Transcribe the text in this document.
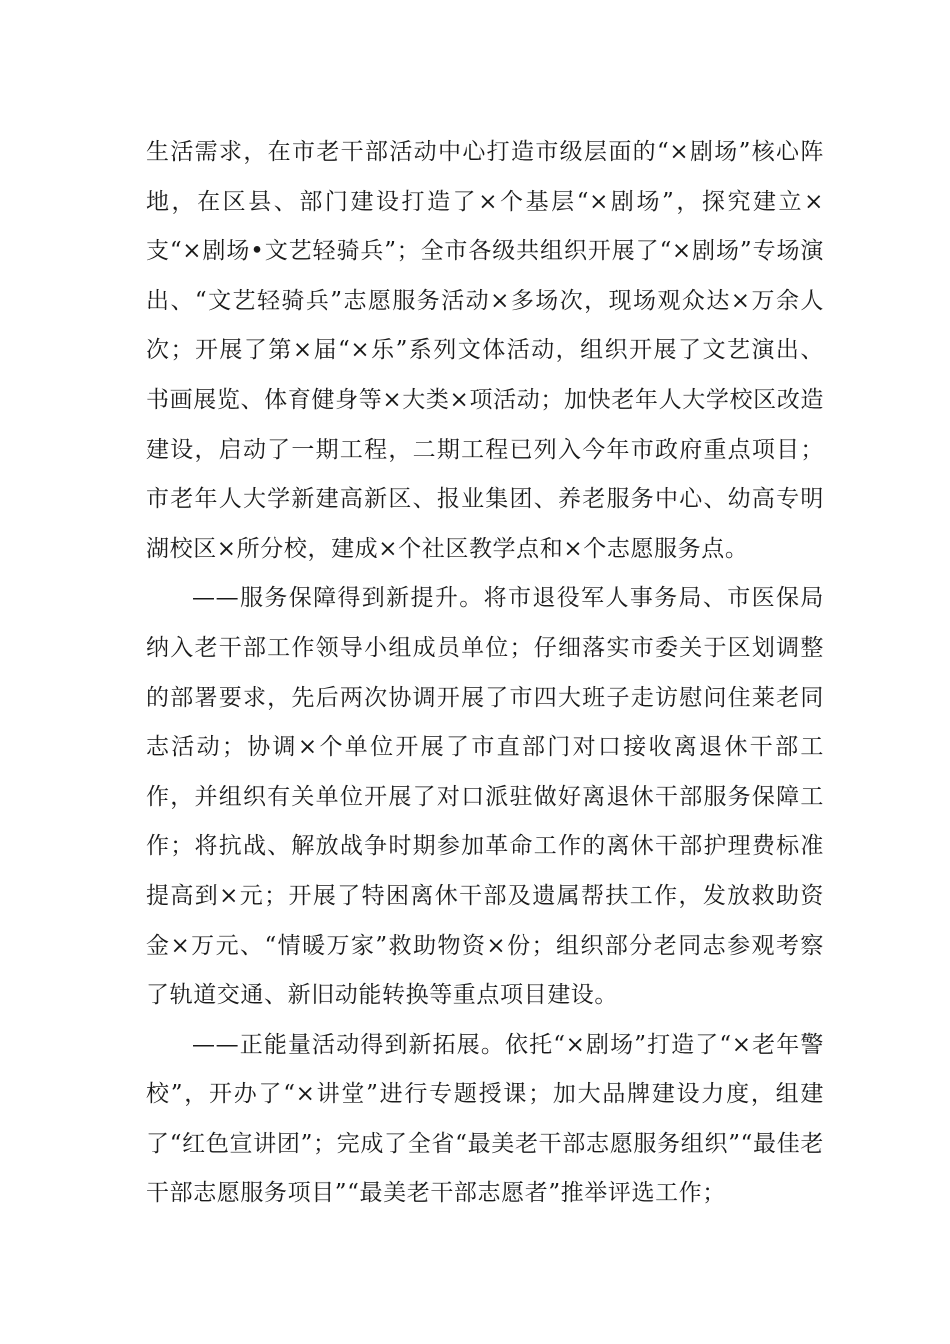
生活需求，在市老干部活动中心打造市级层面的“×剧场”核心阵地，在区县、部门建设打造了×个基层“×剧场”，探究建立×支“×剧场•文艺轻骑兵”；全市各级共组织开展了“×剧场”专场演出、“文艺轻骑兵”志愿服务活动×多场次，现场观众达×万余人次；开展了第×届“×乐”系列文体活动，组织开展了文艺演出、书画展览、体育健身等×大类×项活动；加快老年人大学校区改造建设，启动了一期工程，二期工程已列入今年市政府重点项目；市老年人大学新建高新区、报业集团、养老服务中心、幼高专明湖校区×所分校，建成×个社区教学点和×个志愿服务点。

——服务保障得到新提升。将市退役军人事务局、市医保局纳入老干部工作领导小组成员单位；仔细落实市委关于区划调整的部署要求，先后两次协调开展了市四大班子走访慰问住莱老同志活动；协调×个单位开展了市直部门对口接收离退休干部工作，并组织有关单位开展了对口派驻做好离退休干部服务保障工作；将抗战、解放战争时期参加革命工作的离休干部护理费标准提高到×元；开展了特困离休干部及遗属帮扶工作，发放救助资金×万元、“情暖万家”救助物资×份；组织部分老同志参观考察了轨道交通、新旧动能转换等重点项目建设。

——正能量活动得到新拓展。依托“×剧场”打造了“×老年警校”，开办了“×讲堂”进行专题授课；加大品牌建设力度，组建了“红色宣讲团”；完成了全省“最美老干部志愿服务组织”“最佳老干部志愿服务项目”“最美老干部志愿者”推举评选工作；
